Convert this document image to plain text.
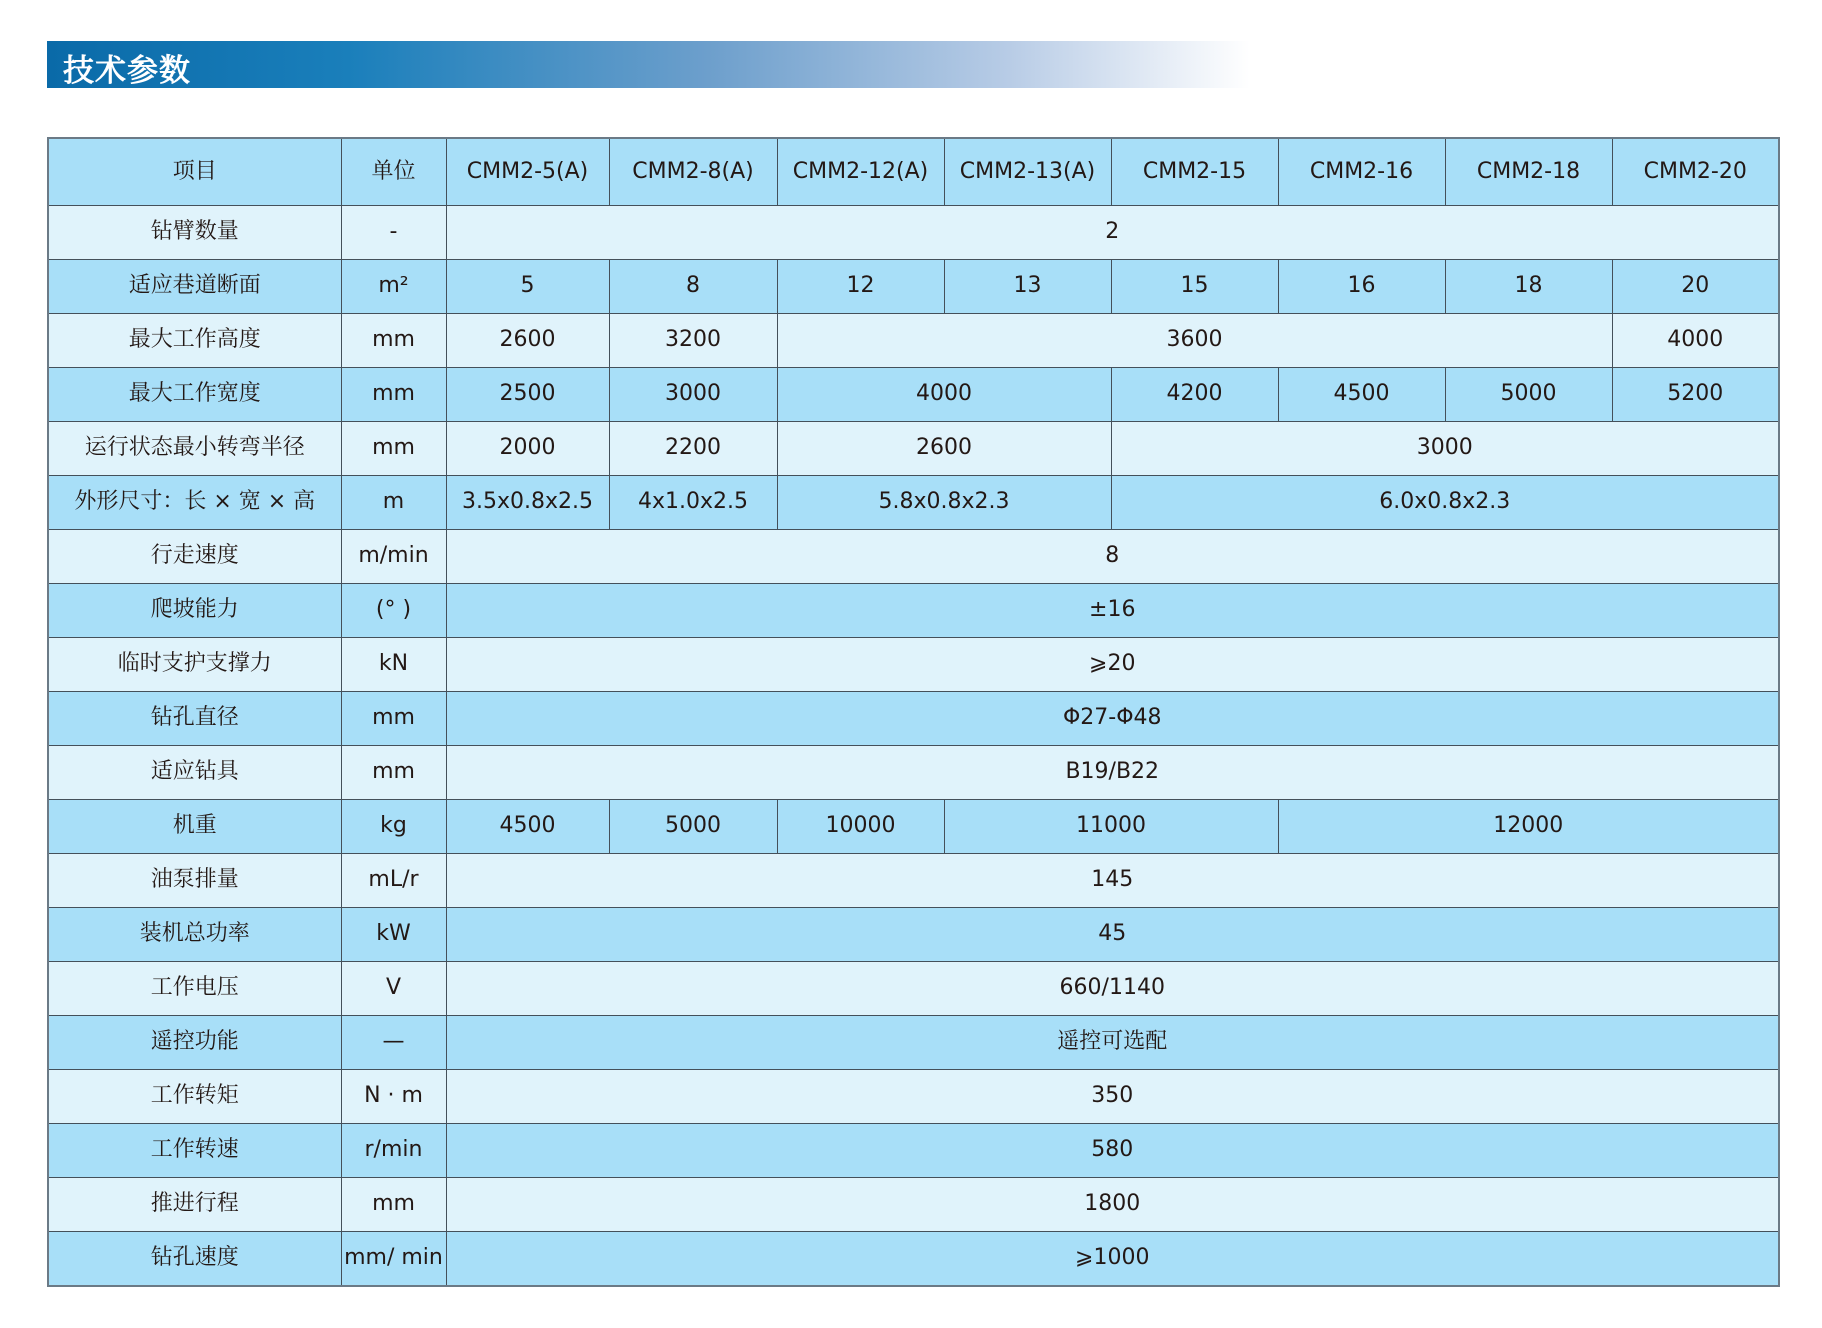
技术参数
项目	单位	CMM2-5(A)	CMM2-8(A)	CMM2-12(A)	CMM2-13(A)	CMM2-15	CMM2-16	CMM2-18	CMM2-20
钻臂数量	-	2							
适应巷道断面	m²	5	8	12	13	15	16	18	20
最大工作高度	mm	2600	3200	3600					4000
最大工作宽度	mm	2500	3000	4000		4200	4500	5000	5200
运行状态最小转弯半径	mm	2000	2200	2600		3000			
外形尺寸：长 × 宽 × 高	m	3.5x0.8x2.5	4x1.0x2.5	5.8x0.8x2.3		6.0x0.8x2.3			
行走速度	m/min	8							
爬坡能力	(° )	±16							
临时支护支撑力	kN	⩾20							
钻孔直径	mm	Φ27-Φ48							
适应钻具	mm	B19/B22							
机重	kg	4500	5000	10000	11000		12000		
油泵排量	mL/r	145							
装机总功率	kW	45							
工作电压	V	660/1140							
遥控功能	—	遥控可选配							
工作转矩	N · m	350							
工作转速	r/min	580							
推进行程	mm	1800							
钻孔速度	mm/ min	⩾1000							
